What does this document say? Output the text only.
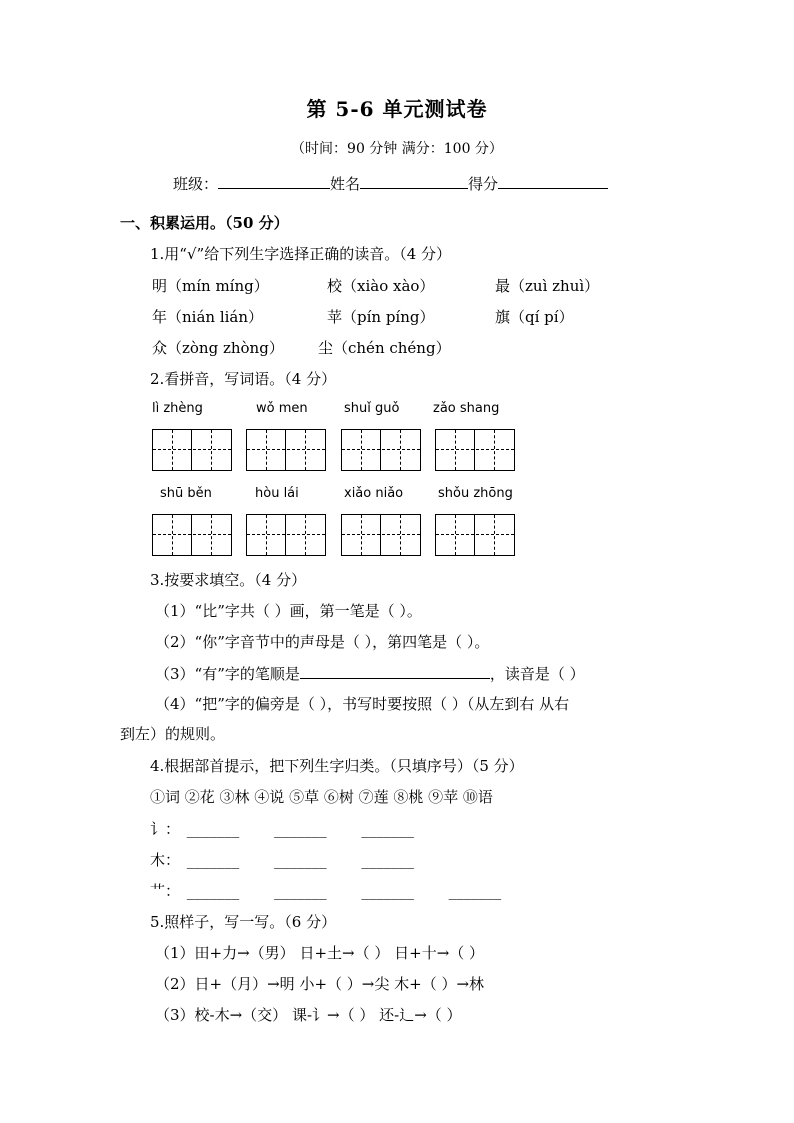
第 5-6 单元测试卷
（时间：90 分钟 满分：100 分）
班级：	姓名	得分
一、积累运用。（50 分）
1.用“√”给下列生字选择正确的读音。（4 分）
明（mín míng）	校（xiào xào）	最（zuì zhuì）
年（nián lián）	苹（pín píng）	旗（qí pí）
众（zòng zhòng） 尘（chén chéng）
2.看拼音，写词语。（4 分）
lì zhèng	wǒ men	shuǐ guǒ	zǎo shang
shū běn	hòu lái	xiǎo niǎo	shǒu zhōng
3.按要求填空。（4 分）
（1）“比”字共（ ）画，第一笔是（ ）。
（2）“你”字音节中的声母是（ ），第四笔是（ ）。
（3）“有”字的笔顺是	，读音是（ ）
（4）“把”字的偏旁是（ ），书写时要按照（ ）（从左到右 从右
到左）的规则。
4.根据部首提示，把下列生字归类。（只填序号）（5 分）
①词 ②花 ③林 ④说 ⑤草 ⑥树 ⑦莲 ⑧桃 ⑨苹 ⑩语
讠： _______ _______ _______
木： _______ _______ _______
艹： _______ _______ _______ _______
5.照样子，写一写。（6 分）
（1）田+力→（男） 日+土→（ ） 日+十→（ ）
（2）日+（月）→明 小+（ ）→尖 木+（ ）→林
（3）校-木→（交） 课-讠→（ ） 还-辶→（ ）
